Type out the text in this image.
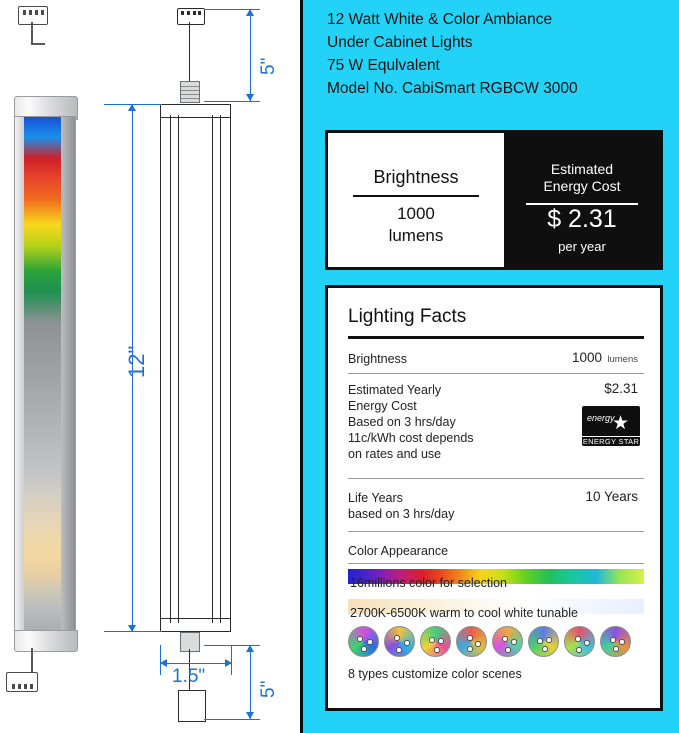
5"
12"
1.5"
5"
12 Watt White & Color Ambiance
Under Cabinet Lights
75 W Equlvalent
Model No. CabiSmart RGBCW 3000
Brightness
1000
lumens
Estimated
Energy Cost
$ 2.31
per year
Lighting Facts
Brightness	1000 lumens
Estimated Yearly
Energy Cost
Based on 3 hrs/day
11c/kWh cost depends
on rates and use
$2.31
energy
★
ENERGY STAR
Life Years
based on 3 hrs/day
10 Years
Color Appearance
16millions color for selection
2700K-6500K warm to cool white tunable
8 types customize color scenes
